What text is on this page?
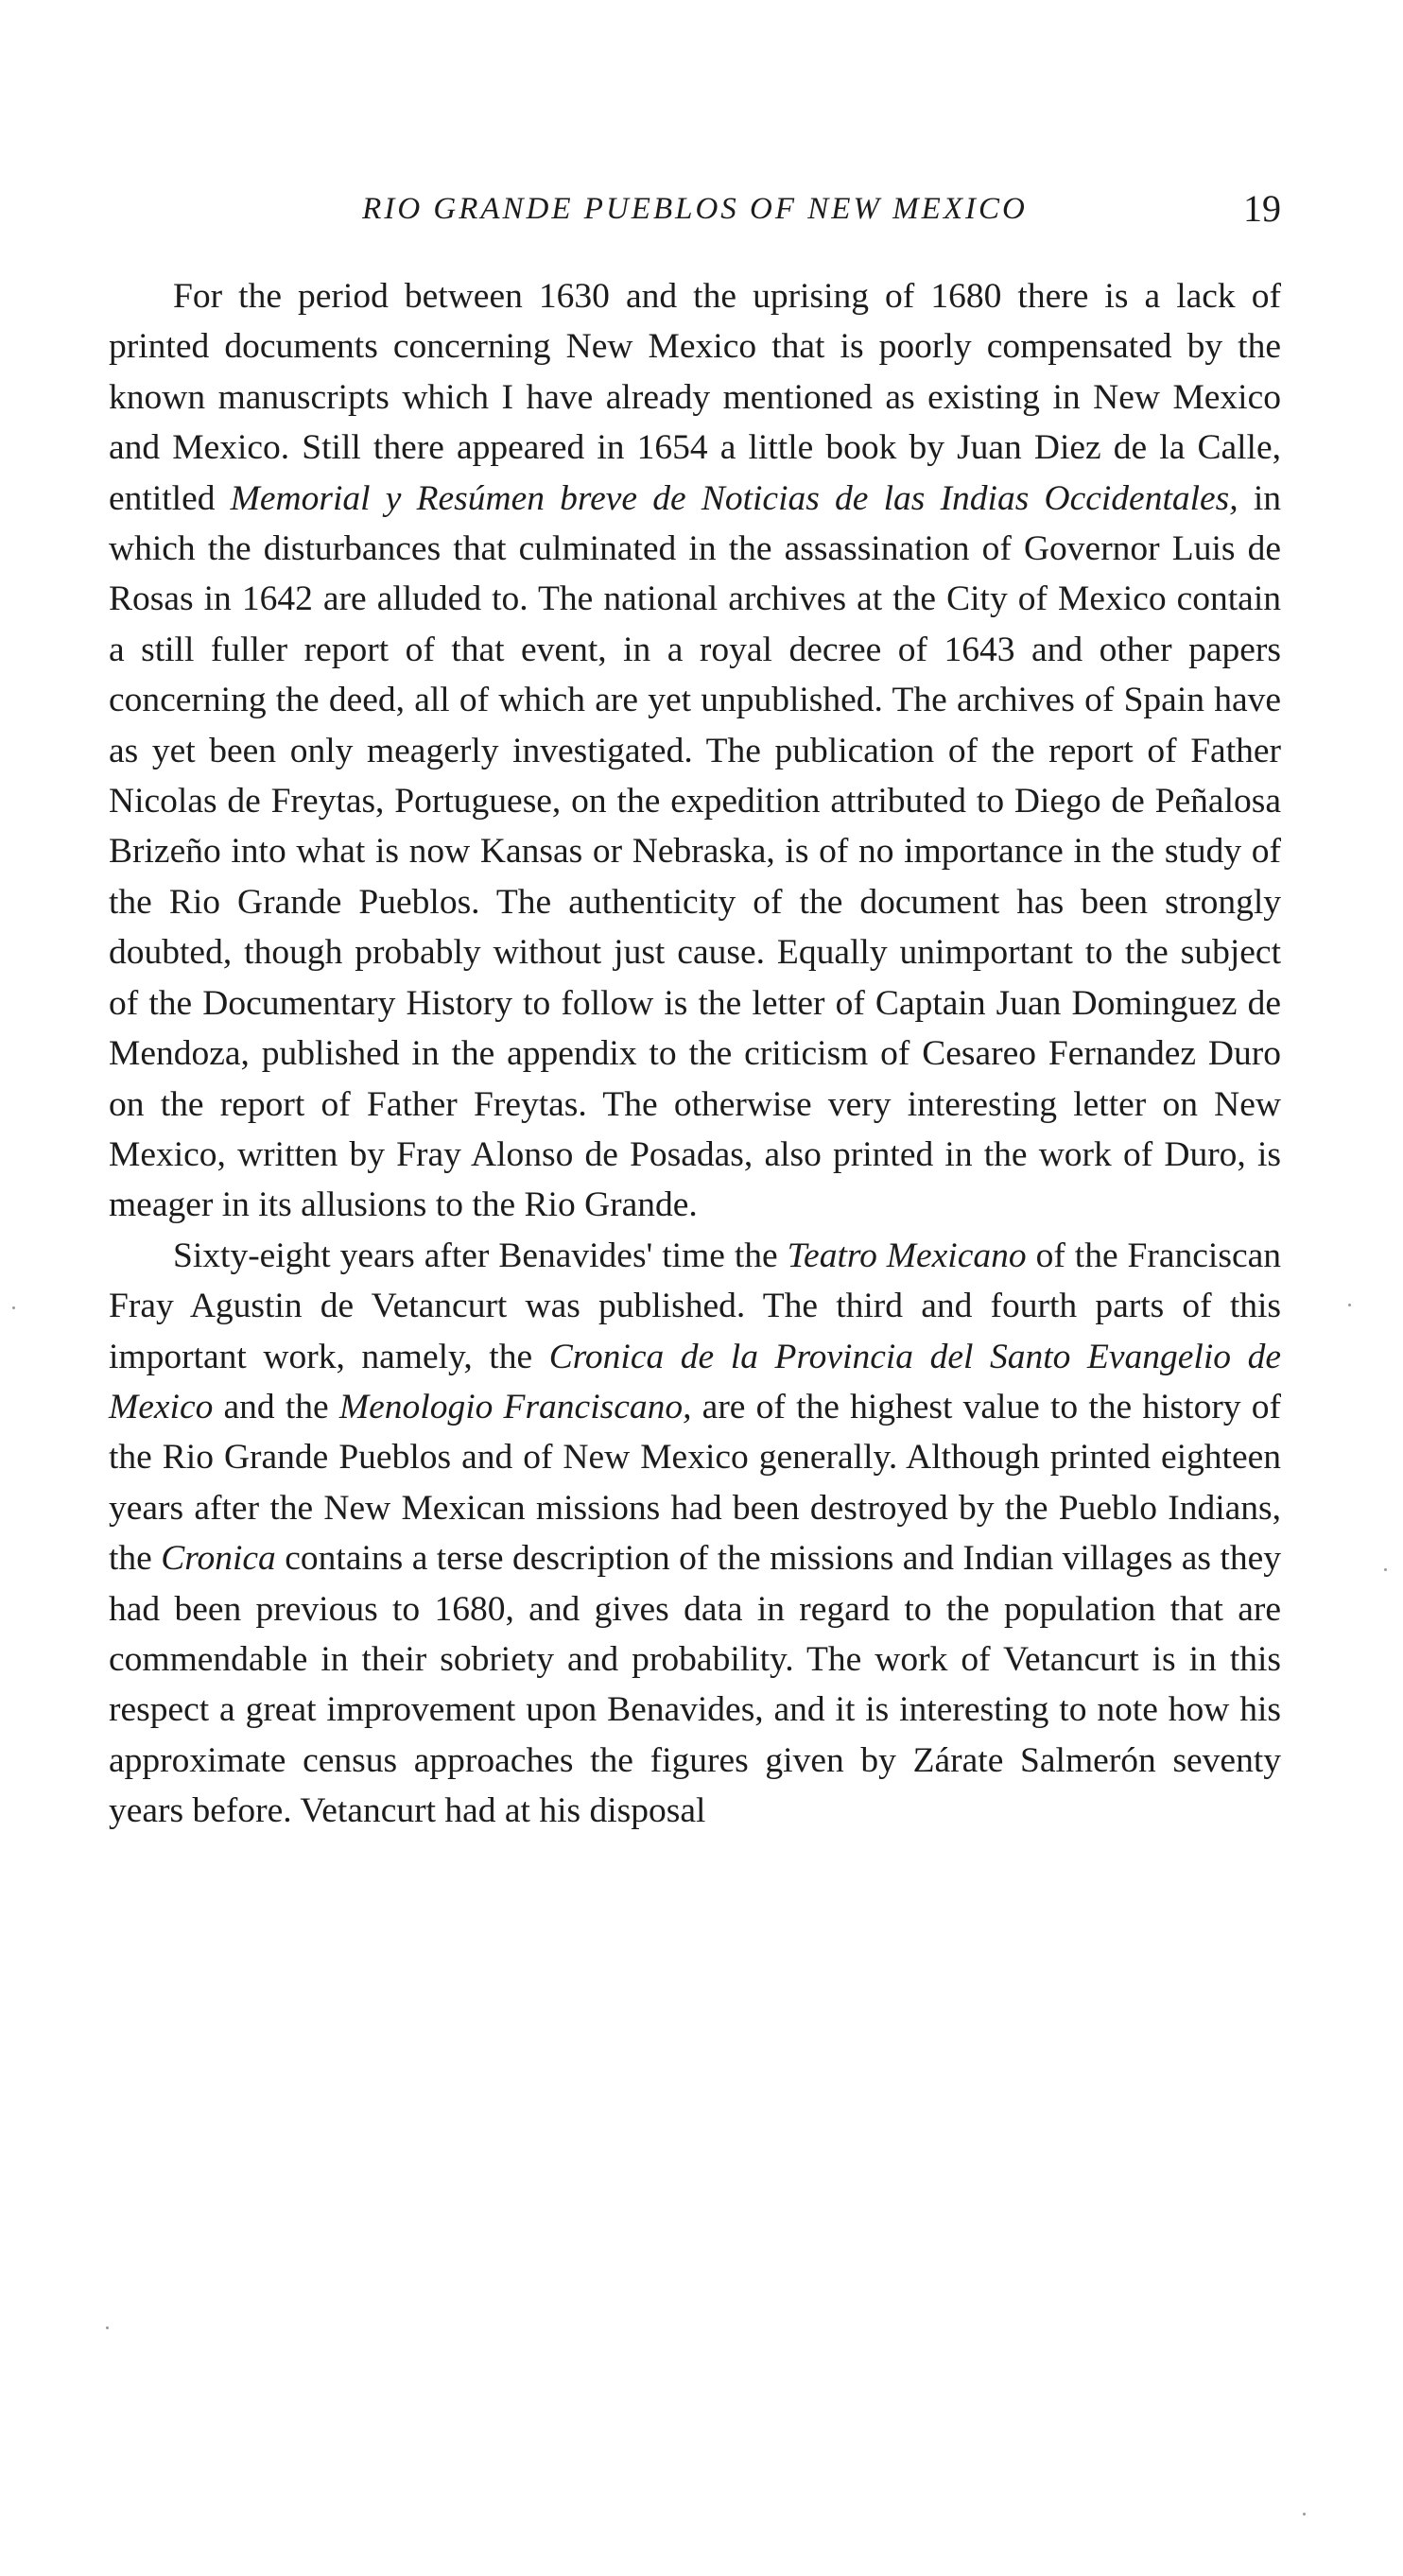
RIO GRANDE PUEBLOS OF NEW MEXICO	19

For the period between 1630 and the uprising of 1680 there is a lack of printed documents concerning New Mexico that is poorly compensated by the known manuscripts which I have already mentioned as existing in New Mexico and Mexico. Still there appeared in 1654 a little book by Juan Diez de la Calle, entitled Memorial y Resúmen breve de Noticias de las Indias Occidentales, in which the disturbances that culminated in the assassination of Governor Luis de Rosas in 1642 are alluded to. The national archives at the City of Mexico contain a still fuller report of that event, in a royal decree of 1643 and other papers concerning the deed, all of which are yet unpublished. The archives of Spain have as yet been only meagerly investigated. The publication of the report of Father Nicolas de Freytas, Portuguese, on the expedition attributed to Diego de Peñalosa Brizeño into what is now Kansas or Nebraska, is of no importance in the study of the Rio Grande Pueblos. The authenticity of the document has been strongly doubted, though probably without just cause. Equally unimportant to the subject of the Documentary History to follow is the letter of Captain Juan Dominguez de Mendoza, published in the appendix to the criticism of Cesareo Fernandez Duro on the report of Father Freytas. The otherwise very interesting letter on New Mexico, written by Fray Alonso de Posadas, also printed in the work of Duro, is meager in its allusions to the Rio Grande.

Sixty-eight years after Benavides' time the Teatro Mexicano of the Franciscan Fray Agustin de Vetancurt was published. The third and fourth parts of this important work, namely, the Cronica de la Provincia del Santo Evangelio de Mexico and the Menologio Franciscano, are of the highest value to the history of the Rio Grande Pueblos and of New Mexico generally. Although printed eighteen years after the New Mexican missions had been destroyed by the Pueblo Indians, the Cronica contains a terse description of the missions and Indian villages as they had been previous to 1680, and gives data in regard to the population that are commendable in their sobriety and probability. The work of Vetancurt is in this respect a great improvement upon Benavides, and it is interesting to note how his approximate census approaches the figures given by Zárate Salmerón seventy years before. Vetancurt had at his disposal
